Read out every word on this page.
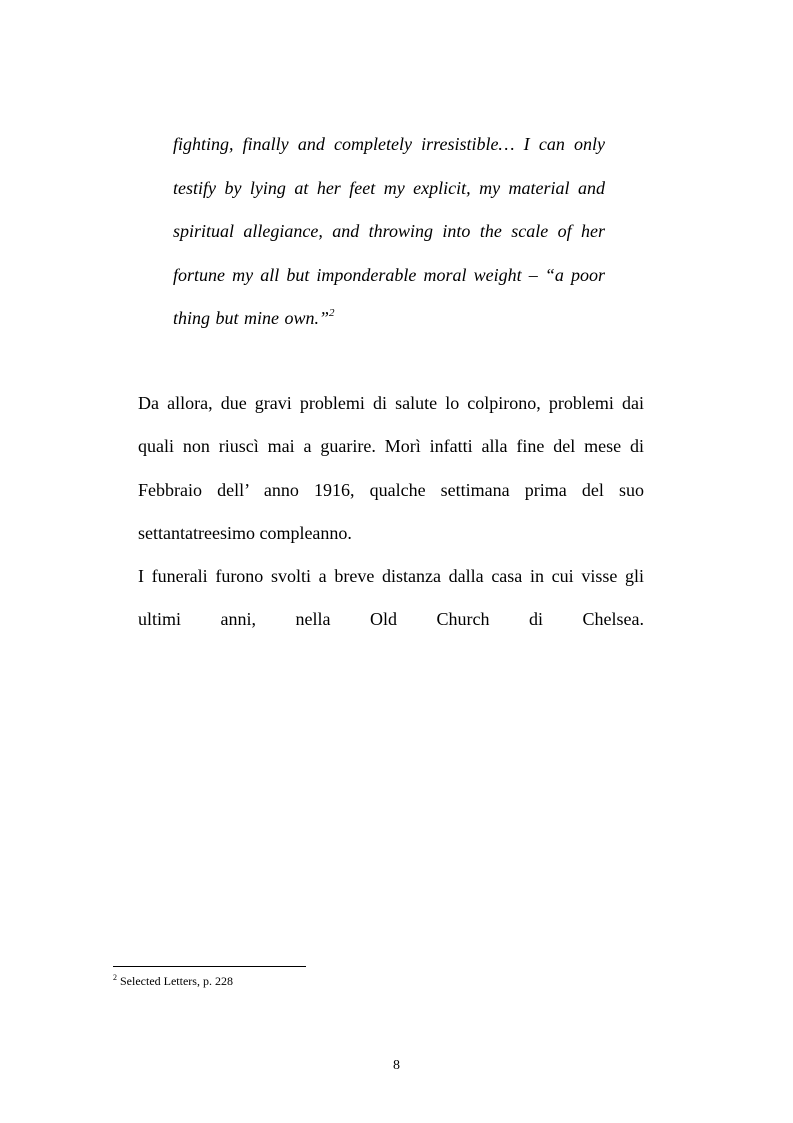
fighting, finally and completely irresistible… I can only
testify by lying at her feet my explicit, my material and
spiritual allegiance, and throwing into the scale of her
fortune my all but imponderable moral weight – “a poor
thing but mine own.”$^2$
Da allora, due gravi problemi di salute lo colpirono, problemi dai
quali non riuscì mai a guarire. Morì infatti alla fine del mese di
Febbraio dell’ anno 1916, qualche settimana prima del suo
settantatreesimo compleanno.
I funerali furono svolti a breve distanza dalla casa in cui visse gli
ultimi anni, nella Old Church di Chelsea.
$^2$ Selected Letters, p. 228
8
